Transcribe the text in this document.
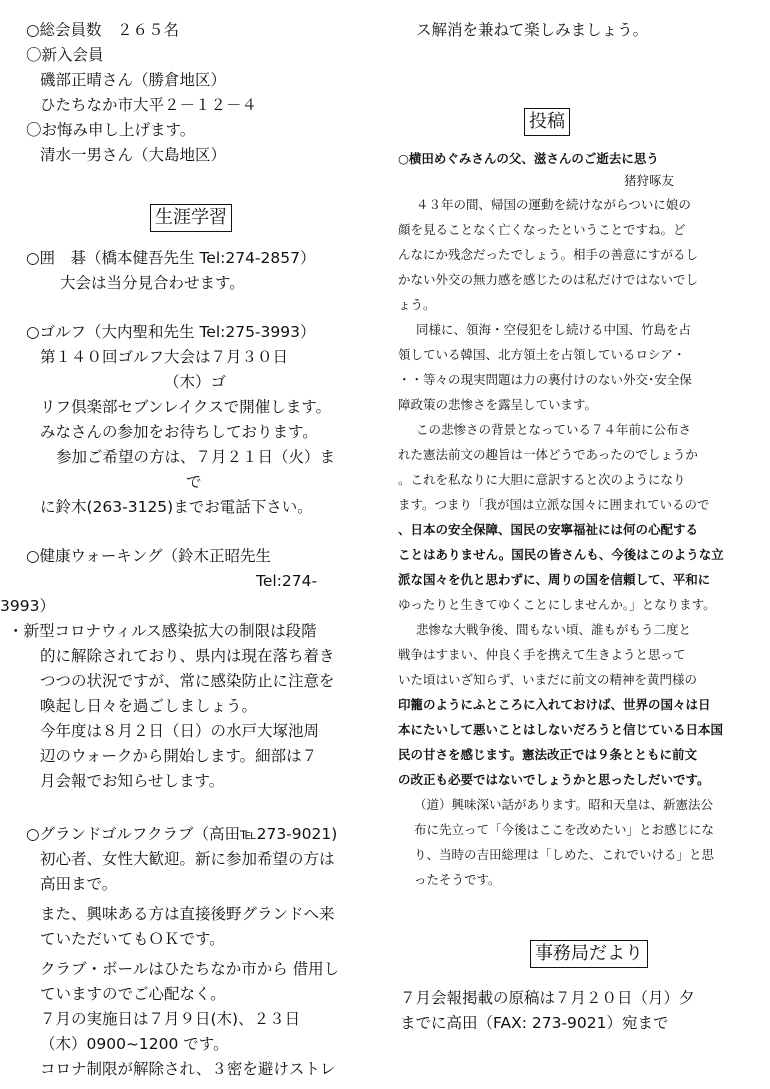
○総会員数　２６５名
〇新入会員
磯部正晴さん（勝倉地区）
ひたちなか市大平２－１２－４
〇お悔み申し上げます。
清水一男さん（大島地区）
生涯学習
○囲　碁（橋本健吾先生 Tel:274-2857）
大会は当分見合わせます。
○ゴルフ（大内聖和先生 Tel:275-3993）
第１４０回ゴルフ大会は７月３０日
（木）ゴ
リフ倶楽部セブンレイクスで開催します。
みなさんの参加をお待ちしております。
参加ご希望の方は、７月２１日（火）ま
で
に鈴木(263-3125)までお電話下さい。
○健康ウォーキング（鈴木正昭先生
Tel:274-
3993）
・新型コロナウィルス感染拡大の制限は段階
的に解除されており、県内は現在落ち着き
つつの状況ですが、常に感染防止に注意を
喚起し日々を過ごしましょう。
今年度は８月２日（日）の水戸大塚池周
辺のウォークから開始します。細部は７
月会報でお知らせします。
○グランドゴルフクラブ（高田℡273-9021)
初心者、女性大歓迎。新に参加希望の方は
高田まで。
また、興味ある方は直接後野グランドへ来
ていただいてもＯＫです。
クラブ・ボールはひたちなか市から 借用し
ていますのでご心配なく。
７月の実施日は７月９日(木)、２３日
（木）0900~1200 です。
コロナ制限が解除され、３密を避けストレ
ス解消を兼ねて楽しみましょう。
投稿
○横田めぐみさんの父、滋さんのご逝去に思う
猪狩啄友
４３年の間、帰国の運動を続けながらついに娘の
顔を見ることなく亡くなったということですね。ど
んなにか残念だったでしょう。相手の善意にすがるし
かない外交の無力感を感じたのは私だけではないでし
ょう。
同様に、領海・空侵犯をし続ける中国、竹島を占
領している韓国、北方領土を占領しているロシア・
・・等々の現実問題は力の裏付けのない外交･安全保
障政策の悲惨さを露呈しています。
この悲惨さの背景となっている７４年前に公布さ
れた憲法前文の趣旨は一体どうであったのでしょうか
。これを私なりに大胆に意訳すると次のようになり
ます。つまり「我が国は立派な国々に囲まれているので
、日本の安全保障、国民の安寧福祉には何の心配する
ことはありません。国民の皆さんも、今後はこのような立
派な国々を仇と思わずに、周りの国を信頼して、平和に
ゆったりと生きてゆくことにしませんか。」となります。
悲惨な大戦争後、間もない頃、誰もがもう二度と
戦争はすまい、仲良く手を携えて生きようと思って
いた頃はいざ知らず、いまだに前文の精神を黄門様の
印籠のようにふところに入れておけば、世界の国々は日
本にたいして悪いことはしないだろうと信じている日本国
民の甘さを感じます。憲法改正では９条とともに前文
の改正も必要ではないでしょうかと思ったしだいです。
（道）興味深い話があります。昭和天皇は、新憲法公
布に先立って「今後はここを改めたい」とお感じにな
り、当時の吉田総理は「しめた、これでいける」と思
ったそうです。
事務局だより
７月会報掲載の原稿は７月２０日（月）夕
までに高田（FAX: 273-9021）宛まで
